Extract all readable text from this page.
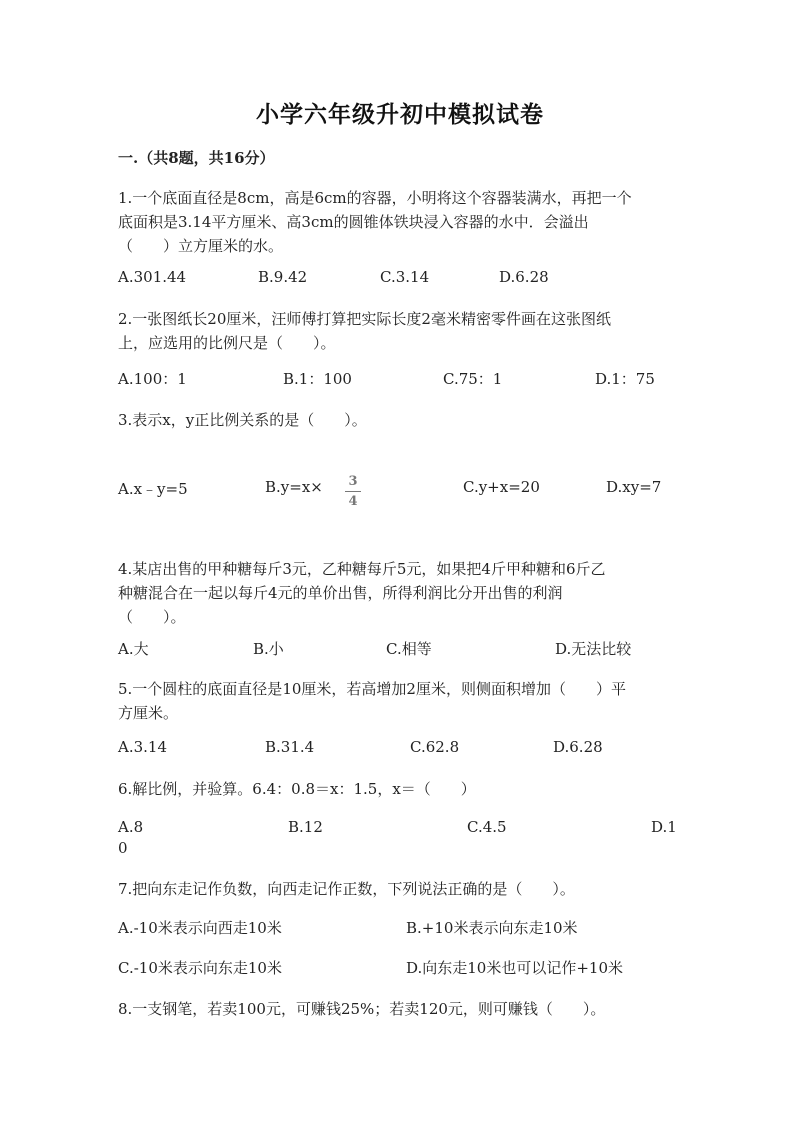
小学六年级升初中模拟试卷
一.（共8题，共16分）
1.一个底面直径是8cm，高是6cm的容器，小明将这个容器装满水，再把一个
底面积是3.14平方厘米、高3cm的圆锥体铁块浸入容器的水中．会溢出
（　　）立方厘米的水。
A.301.44	B.9.42	C.3.14	D.6.28
2.一张图纸长20厘米，汪师傅打算把实际长度2毫米精密零件画在这张图纸
上，应选用的比例尺是（　　）。
A.100：1	B.1：100	C.75：1	D.1：75
3.表示x，y正比例关系的是（　　）。
A.x﹣y=5	B.y=x×	C.y+x=20	D.xy=7
3
4
4.某店出售的甲种糖每斤3元，乙种糖每斤5元，如果把4斤甲种糖和6斤乙
种糖混合在一起以每斤4元的单价出售，所得利润比分开出售的利润
（　　）。
A.大	B.小	C.相等	D.无法比较
5.一个圆柱的底面直径是10厘米，若高增加2厘米，则侧面积增加（　　）平
方厘米。
A.3.14	B.31.4	C.62.8	D.6.28
6.解比例，并验算。6.4：0.8＝x：1.5，x＝（　　）
A.8	B.12	C.4.5	D.1
0
7.把向东走记作负数，向西走记作正数，下列说法正确的是（　　）。
A.-10米表示向西走10米	B.+10米表示向东走10米
C.-10米表示向东走10米	D.向东走10米也可以记作+10米
8.一支钢笔，若卖100元，可赚钱25%；若卖120元，则可赚钱（　　）。
